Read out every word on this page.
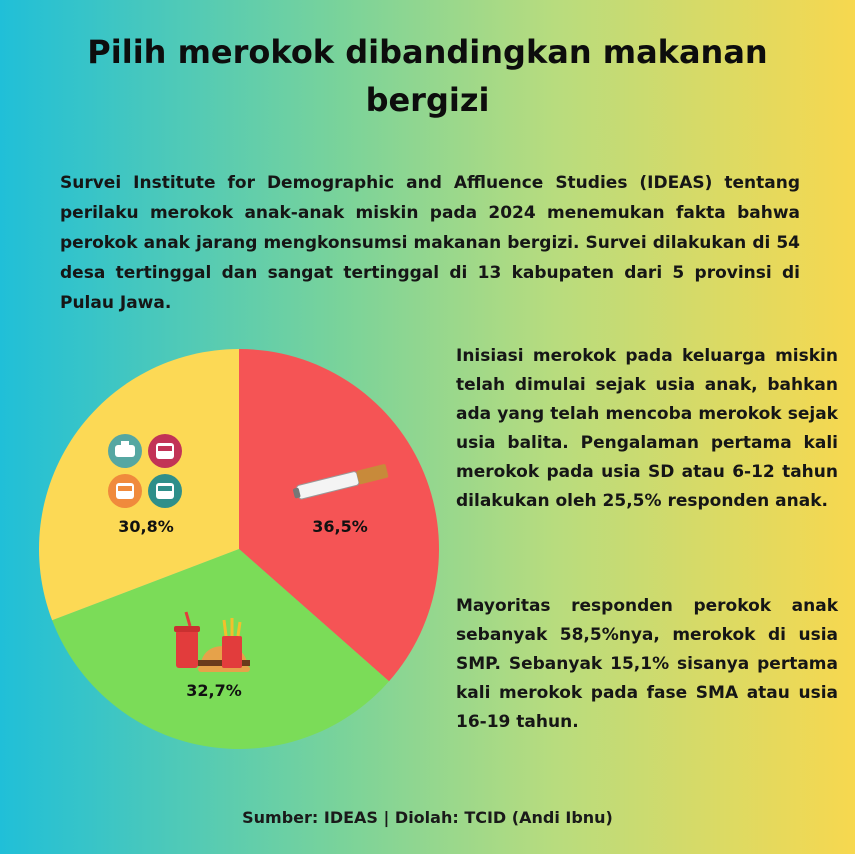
Pilih merokok dibandingkan makanan bergizi
Survei Institute for Demographic and Affluence Studies (IDEAS) tentang perilaku merokok anak-anak miskin pada 2024 menemukan fakta bahwa perokok anak jarang mengkonsumsi makanan bergizi. Survei dilakukan di 54 desa tertinggal dan sangat tertinggal di 13 kabupaten dari 5 provinsi di Pulau Jawa.
36,5%
32,7%
30,8%
Inisiasi merokok pada keluarga miskin telah dimulai sejak usia anak, bahkan ada yang telah mencoba merokok sejak usia balita. Pengalaman pertama kali merokok pada usia SD atau 6-12 tahun dilakukan oleh 25,5% responden anak.
Mayoritas responden perokok anak sebanyak 58,5%nya, merokok di usia SMP. Sebanyak 15,1% sisanya pertama kali merokok pada fase SMA atau usia 16-19 tahun.
Sumber: IDEAS | Diolah: TCID (Andi Ibnu)
